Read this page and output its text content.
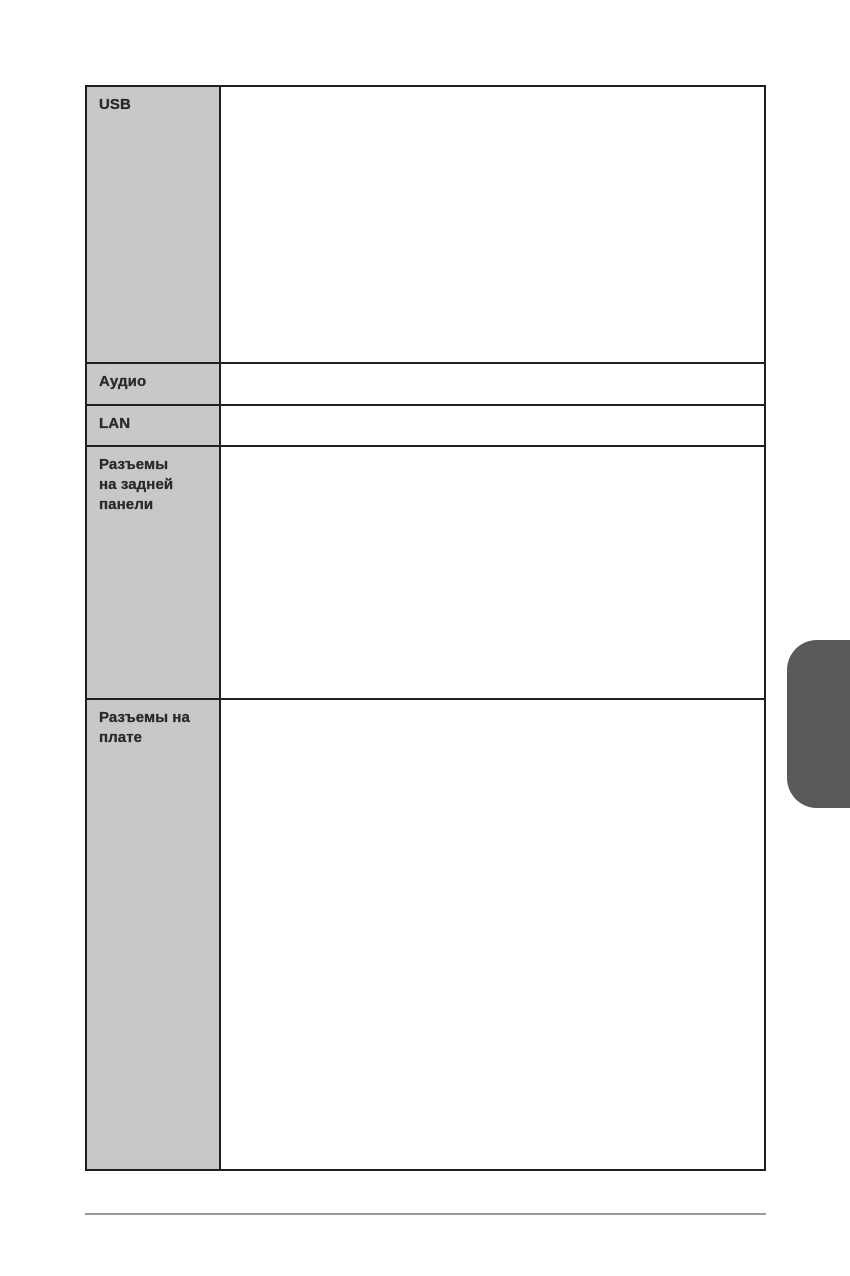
USB
Аудио
LAN
Разъемы
на задней
панели
Разъемы на
плате
